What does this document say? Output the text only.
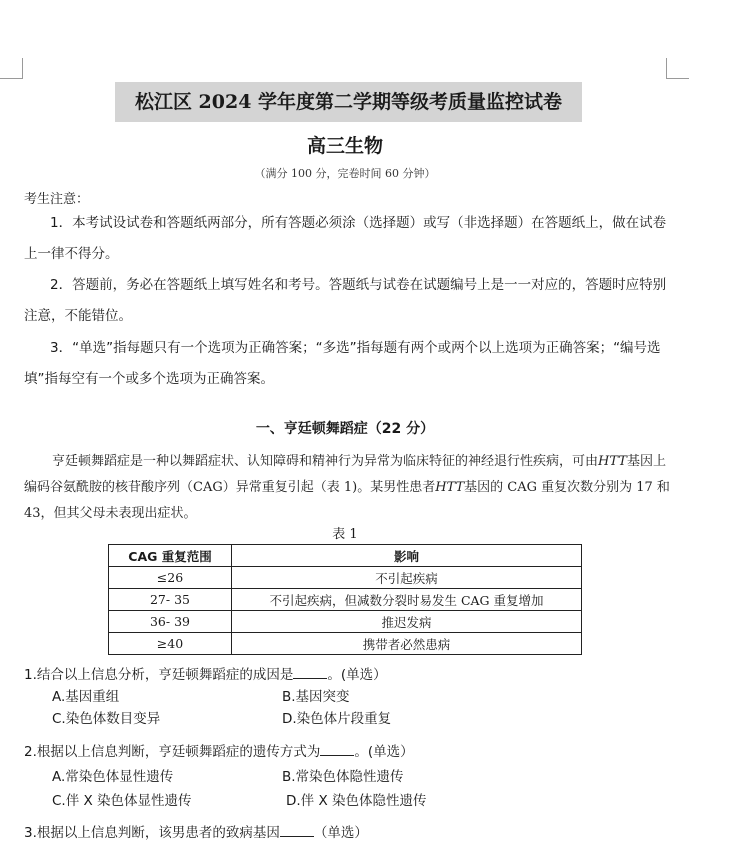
松江区 2024 学年度第二学期等级考质量监控试卷
高三生物
（满分 100 分，完卷时间 60 分钟）
考生注意：
1．本考试设试卷和答题纸两部分，所有答题必须涂（选择题）或写（非选择题）在答题纸上，做在试卷上一律不得分。
2．答题前，务必在答题纸上填写姓名和考号。答题纸与试卷在试题编号上是一一对应的，答题时应特别注意，不能错位。
3．“单选”指每题只有一个选项为正确答案；“多选”指每题有两个或两个以上选项为正确答案；“编号选填”指每空有一个或多个选项为正确答案。
一、亨廷顿舞蹈症（22 分）
亨廷顿舞蹈症是一种以舞蹈症状、认知障碍和精神行为异常为临床特征的神经退行性疾病，可由HTT基因上编码谷氨酰胺的核苷酸序列（CAG）异常重复引起（表 1)。某男性患者HTT基因的 CAG 重复次数分别为 17 和 43，但其父母未表现出症状。
表 1
CAG 重复范围	影响
≤26	不引起疾病
27- 35	不引起疾病，但减数分裂时易发生 CAG 重复增加
36- 39	推迟发病
≥40	携带者必然患病
1.结合以上信息分析，亨廷顿舞蹈症的成因是	。(单选）
A.基因重组	B.基因突变
C.染色体数目变异	D.染色体片段重复
2.根据以上信息判断，亨廷顿舞蹈症的遗传方式为	。(单选）
A.常染色体显性遗传	B.常染色体隐性遗传
C.伴 X 染色体显性遗传	D.伴 X 染色体隐性遗传
3.根据以上信息判断，该男患者的致病基因	（单选）
